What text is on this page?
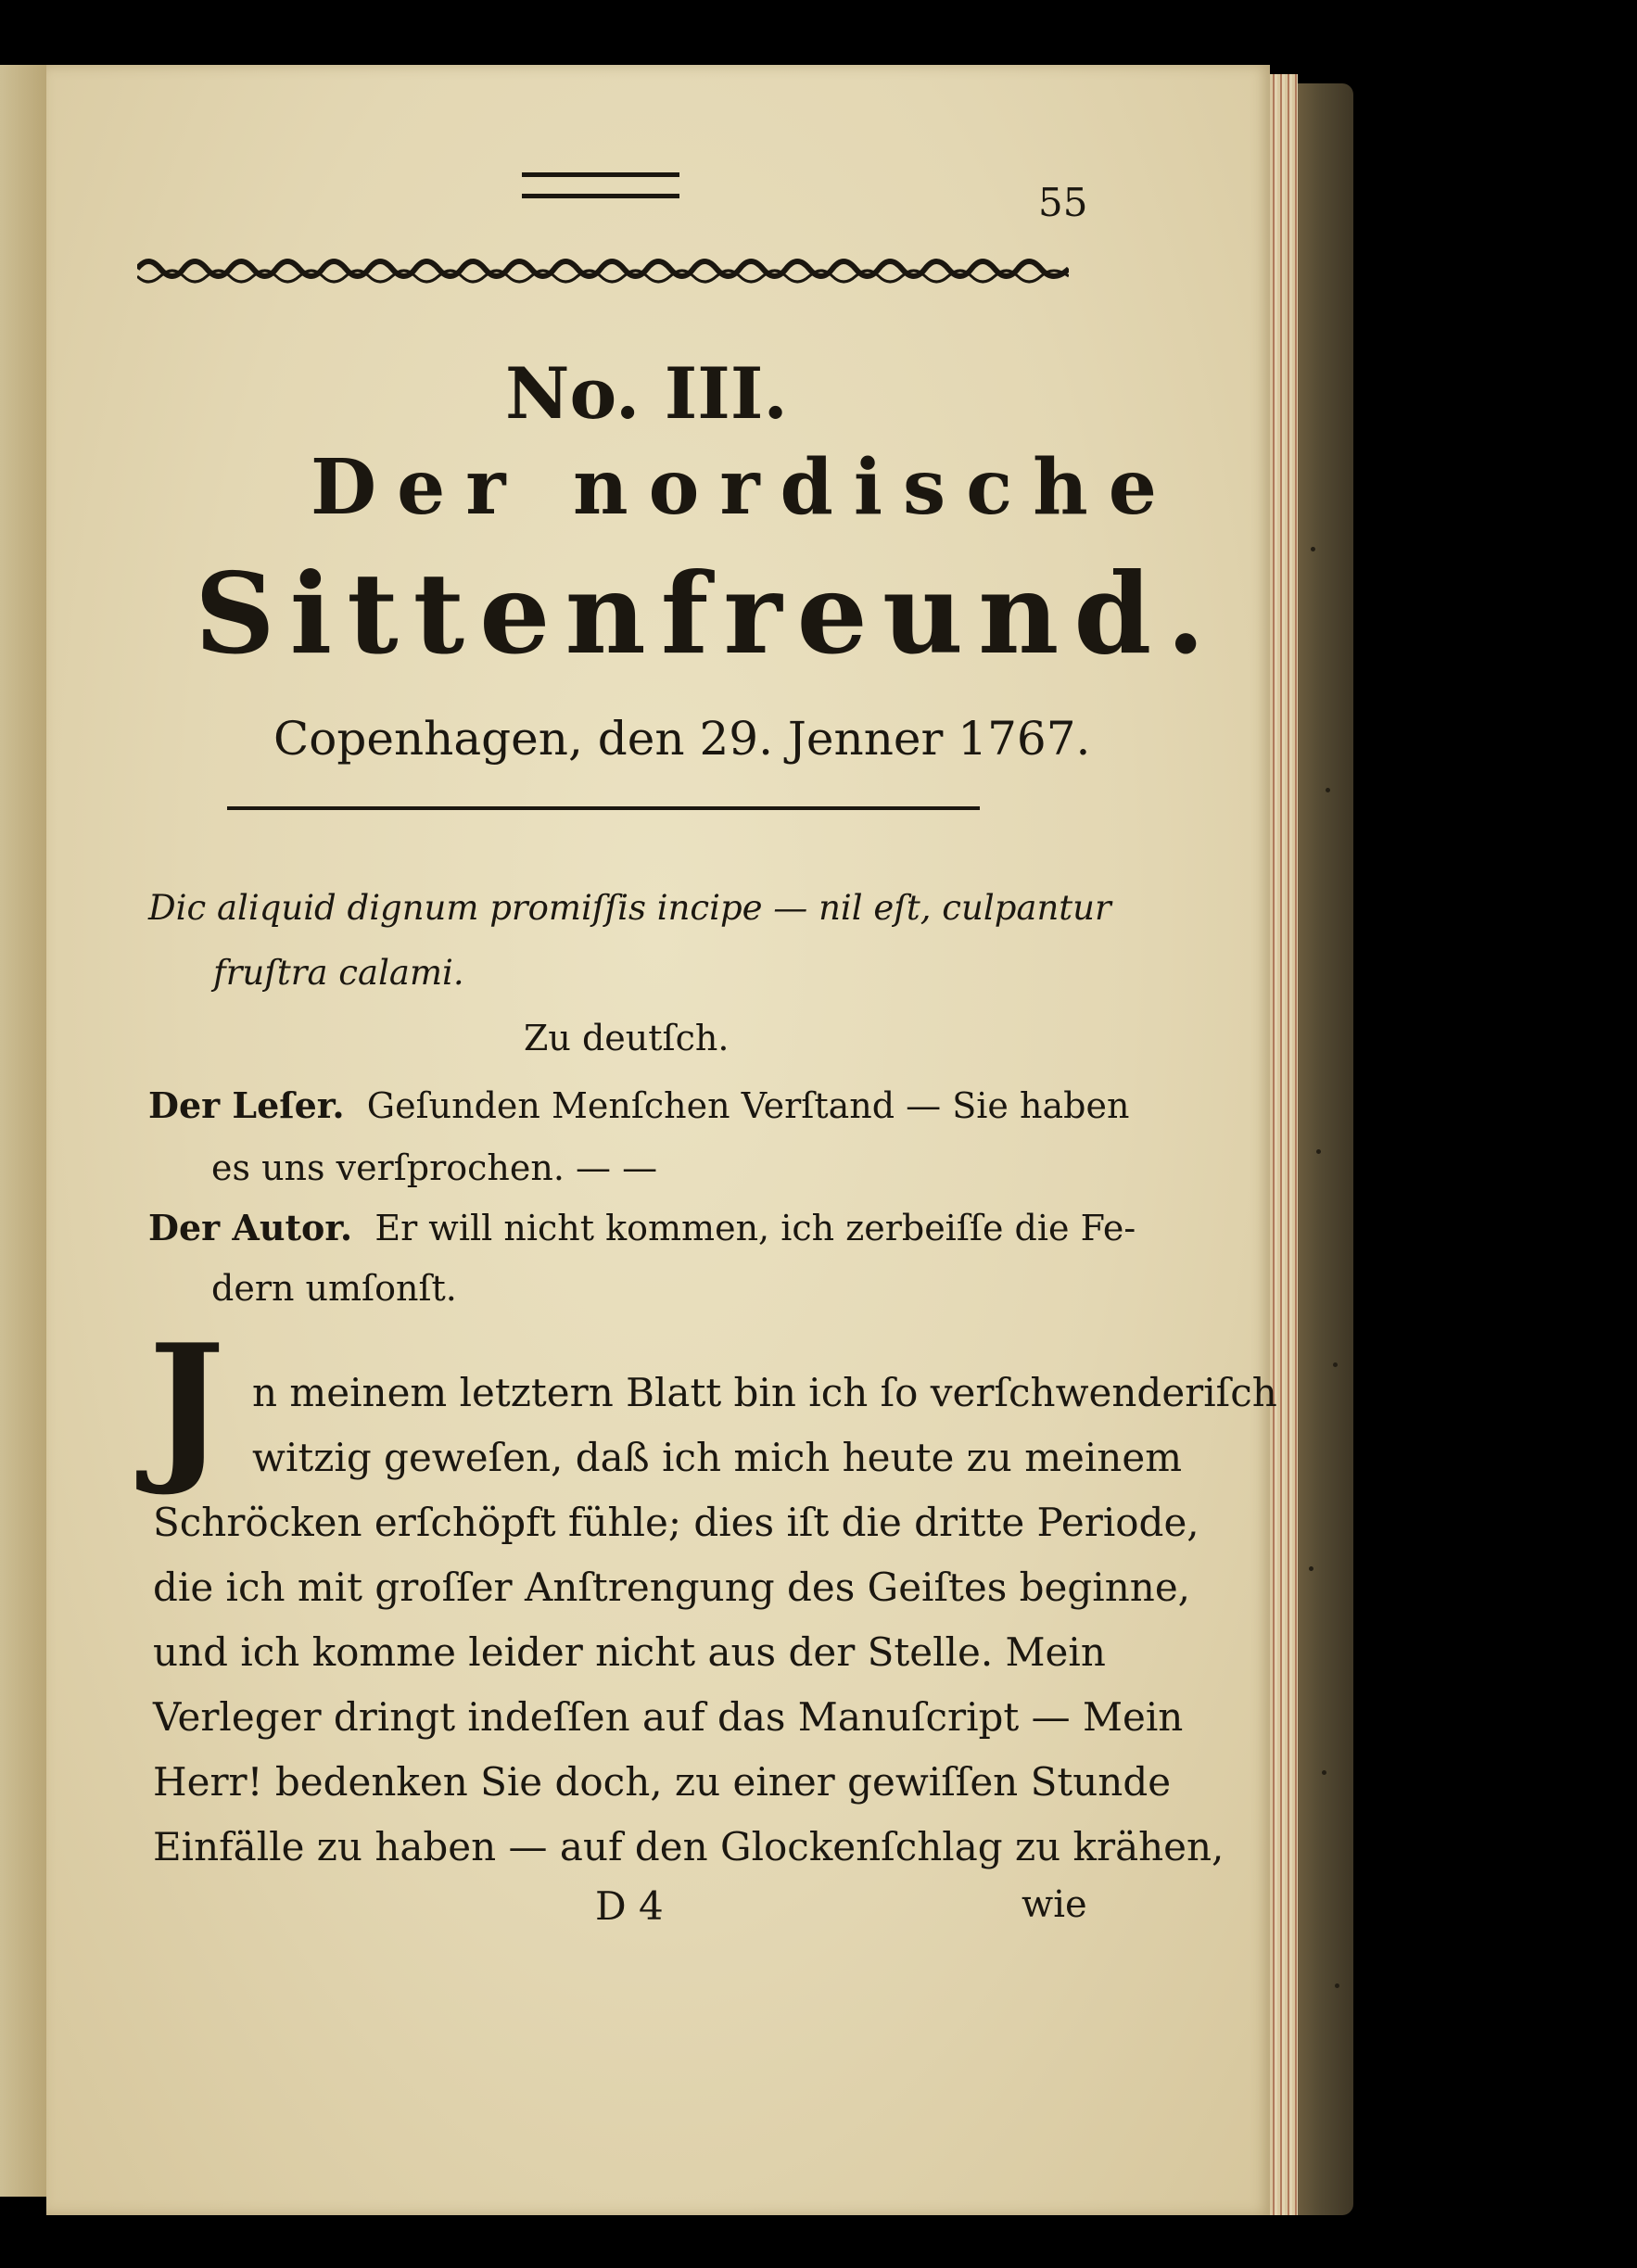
55

No. III.

Der nordische

Sittenfreund.

Copenhagen, den 29. Jenner 1767.

Dic aliquid dignum promiſſis incipe — nil eſt, culpantur

fruſtra calami.

Zu deutſch.

Der Leſer. Geſunden Menſchen Verſtand — Sie haben

es uns verſprochen. — —

Der Autor. Er will nicht kommen, ich zerbeiſſe die Fe-

dern umſonſt.

J n meinem letztern Blatt bin ich ſo verſchwenderiſch

witzig geweſen, daß ich mich heute zu meinem

Schröcken erſchöpft fühle; dies iſt die dritte Periode,

die ich mit groſſer Anſtrengung des Geiſtes beginne,

und ich komme leider nicht aus der Stelle. Mein

Verleger dringt indeſſen auf das Manuſcript — Mein

Herr! bedenken Sie doch, zu einer gewiſſen Stunde

Einfälle zu haben — auf den Glockenſchlag zu krähen,

D 4	wie
